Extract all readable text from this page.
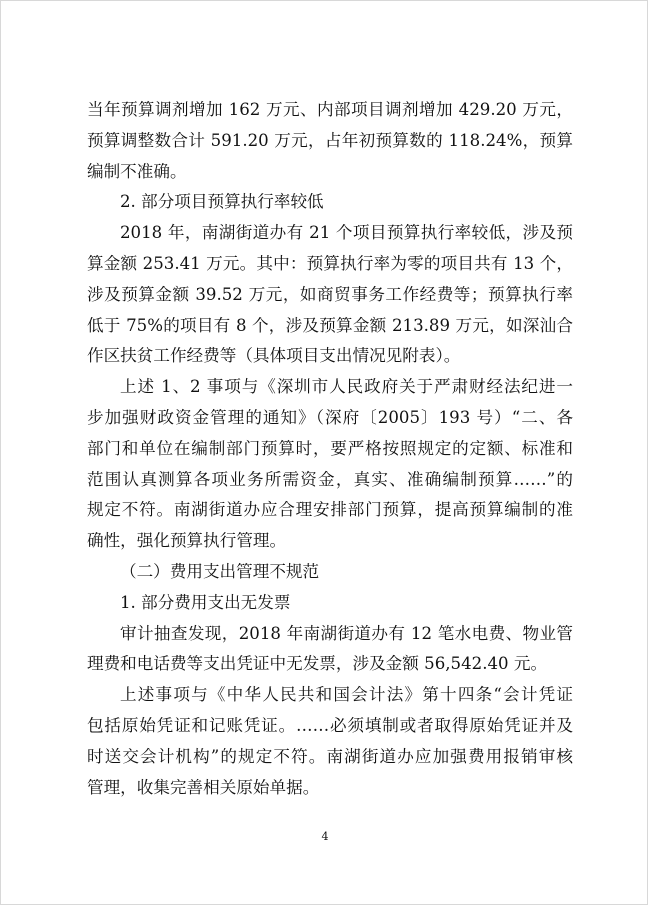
当年预算调剂增加 162 万元、内部项目调剂增加 429.20 万元，
预算调整数合计 591.20 万元，占年初预算数的 118.24%，预算
编制不准确。
2. 部分项目预算执行率较低
2018 年，南湖街道办有 21 个项目预算执行率较低，涉及预
算金额 253.41 万元。其中：预算执行率为零的项目共有 13 个，
涉及预算金额 39.52 万元，如商贸事务工作经费等；预算执行率
低于 75%的项目有 8 个，涉及预算金额 213.89 万元，如深汕合
作区扶贫工作经费等（具体项目支出情况见附表）。
上述 1、2 事项与《深圳市人民政府关于严肃财经法纪进一
步加强财政资金管理的通知》（深府〔2005〕193 号）“二、各
部门和单位在编制部门预算时，要严格按照规定的定额、标准和
范围认真测算各项业务所需资金，真实、准确编制预算……”的
规定不符。南湖街道办应合理安排部门预算，提高预算编制的准
确性，强化预算执行管理。
（二）费用支出管理不规范
1. 部分费用支出无发票
审计抽查发现，2018 年南湖街道办有 12 笔水电费、物业管
理费和电话费等支出凭证中无发票，涉及金额 56,542.40 元。
上述事项与《中华人民共和国会计法》第十四条“会计凭证
包括原始凭证和记账凭证。……必须填制或者取得原始凭证并及
时送交会计机构”的规定不符。南湖街道办应加强费用报销审核
管理，收集完善相关原始单据。
4
